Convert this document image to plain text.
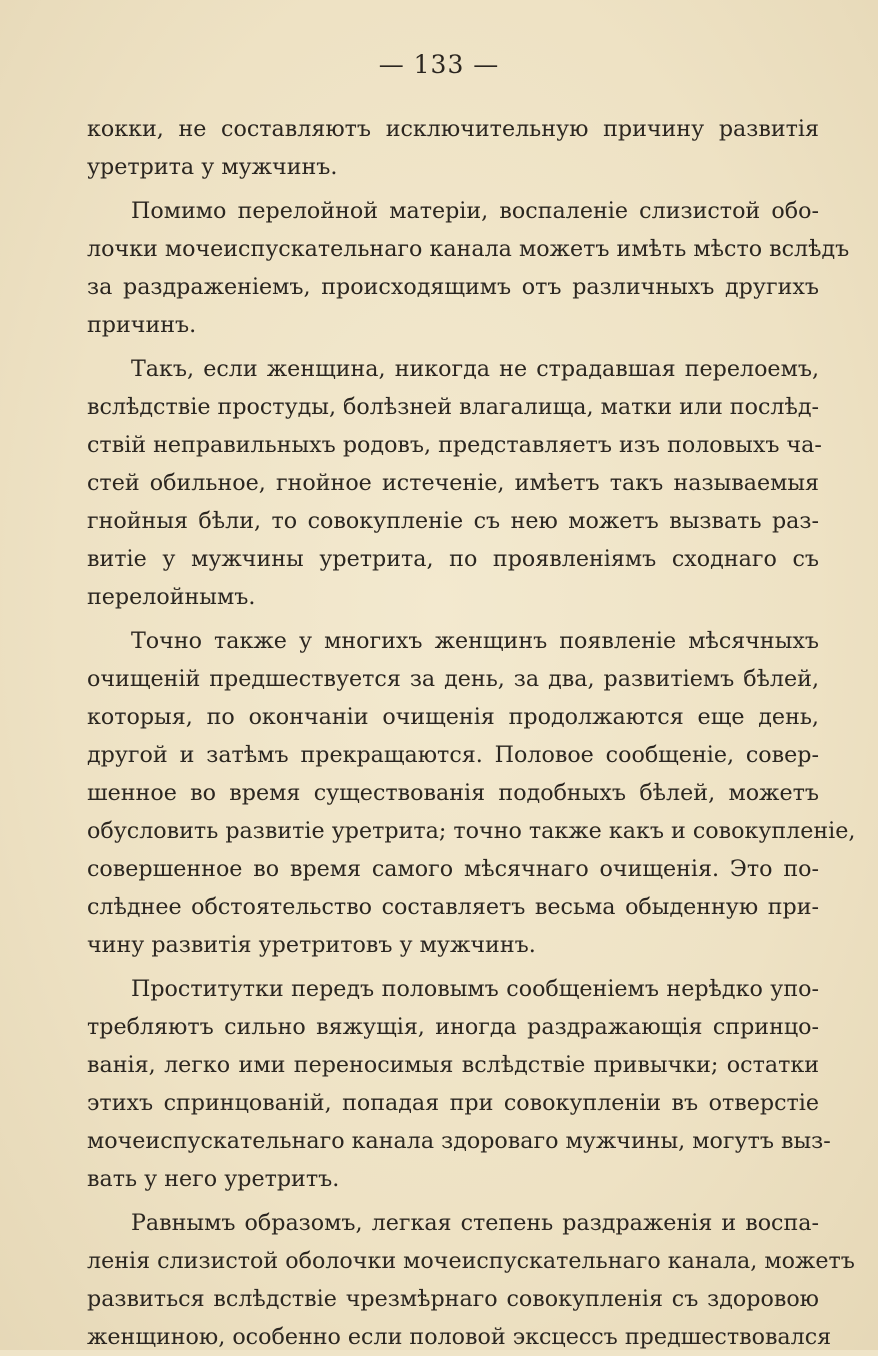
— 133 —
кокки, не составляютъ исключительную причину развитія
уретрита у мужчинъ.
Помимо перелойной матеріи, воспаленіе слизистой обо-
лочки мочеиспускательнаго канала можетъ имѣть мѣсто вслѣдъ
за раздраженіемъ, происходящимъ отъ различныхъ другихъ
причинъ.
Такъ, если женщина, никогда не страдавшая перелоемъ,
вслѣдствіе простуды, болѣзней влагалища, матки или послѣд-
ствій неправильныхъ родовъ, представляетъ изъ половыхъ ча-
стей обильное, гнойное истеченіе, имѣетъ такъ называемыя
гнойныя бѣли, то совокупленіе съ нею можетъ вызвать раз-
витіе у мужчины уретрита, по проявленіямъ сходнаго съ
перелойнымъ.
Точно также у многихъ женщинъ появленіе мѣсячныхъ
очищеній предшествуется за день, за два, развитіемъ бѣлей,
которыя, по окончаніи очищенія продолжаются еще день,
другой и затѣмъ прекращаются. Половое сообщеніе, совер-
шенное во время существованія подобныхъ бѣлей, можетъ
обусловить развитіе уретрита; точно также какъ и совокупленіе,
совершенное во время самого мѣсячнаго очищенія. Это по-
слѣднее обстоятельство составляетъ весьма обыденную при-
чину развитія уретритовъ у мужчинъ.
Проститутки передъ половымъ сообщеніемъ нерѣдко упо-
требляютъ сильно вяжущія, иногда раздражающія спринцо-
ванія, легко ими переносимыя вслѣдствіе привычки; остатки
этихъ спринцованій, попадая при совокупленіи въ отверстіе
мочеиспускательнаго канала здороваго мужчины, могутъ выз-
вать у него уретритъ.
Равнымъ образомъ, легкая степень раздраженія и воспа-
ленія слизистой оболочки мочеиспускательнаго канала, можетъ
развиться вслѣдствіе чрезмѣрнаго совокупленія съ здоровою
женщиною, особенно если половой эксцессъ предшествовался
